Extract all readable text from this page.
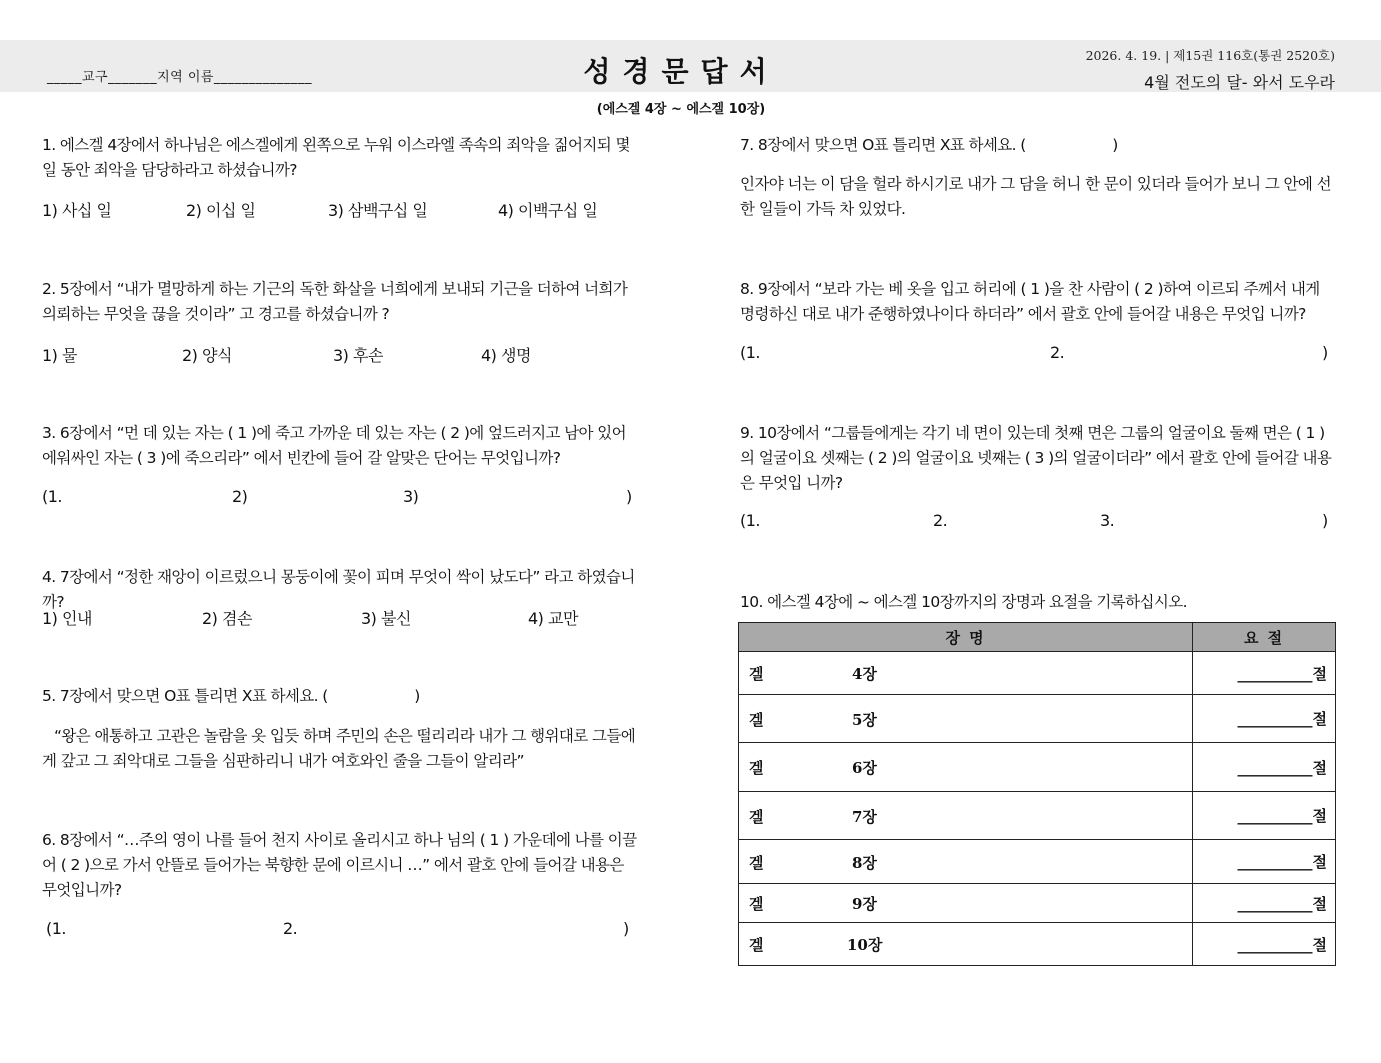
_____교구_______지역 이름______________	성경문답서	2026. 4. 19. | 제15권 116호(통권 2520호)
4월 전도의 달- 와서 도우라
(에스겔 4장 ~ 에스겔 10장)
1. 에스겔 4장에서 하나님은 에스겔에게 왼쪽으로 누워 이스라엘 족속의 죄악을 짊어지되 몇 일 동안 죄악을 담당하라고 하셨습니까?
1) 사십 일	2) 이십 일	3) 삼백구십 일	4) 이백구십 일
2. 5장에서 “내가 멸망하게 하는 기근의 독한 화살을 너희에게 보내되 기근을 더하여 너희가 의뢰하는 무엇을 끊을 것이라” 고 경고를 하셨습니까 ?
1) 물	2) 양식	3) 후손	4) 생명
3. 6장에서 “먼 데 있는 자는 ( 1 )에 죽고 가까운 데 있는 자는 ( 2 )에 엎드러지고 남아 있어 에워싸인 자는 ( 3 )에 죽으리라” 에서 빈칸에 들어 갈 알맞은 단어는 무엇입니까?
(1.	2)	3)	)
4. 7장에서 “정한 재앙이 이르렀으니 몽둥이에 꽃이 피며 무엇이 싹이 났도다” 라고 하였습니까?
1) 인내	2) 겸손	3) 불신	4) 교만
5. 7장에서 맞으면 O표 틀리면 X표 하세요. (                    )
“왕은 애통하고 고관은 놀람을 옷 입듯 하며 주민의 손은 떨리리라 내가 그 행위대로 그들에게 갚고 그 죄악대로 그들을 심판하리니 내가 여호와인 줄을 그들이 알리라”
6. 8장에서 “…주의 영이 나를 들어 천지 사이로 올리시고 하나 님의 ( 1 ) 가운데에 나를 이끌어 ( 2 )으로 가서 안뜰로 들어가는 북향한 문에 이르시니 …” 에서 괄호 안에 들어갈 내용은 무엇입니까?
(1.	2.	)
7. 8장에서 맞으면 O표 틀리면 X표 하세요. (                    )
인자야 너는 이 담을 헐라 하시기로 내가 그 담을 허니 한 문이 있더라 들어가 보니 그 안에 선한 일들이 가득 차 있었다.
8. 9장에서 “보라 가는 베 옷을 입고 허리에 ( 1 )을 찬 사람이 ( 2 )하여 이르되 주께서 내게 명령하신 대로 내가 준행하였나이다 하더라” 에서 괄호 안에 들어갈 내용은 무엇입 니까?
(1.	2.	)
9. 10장에서 “그룹들에게는 각기 네 면이 있는데 첫째 면은 그룹의 얼굴이요 둘째 면은 ( 1 )의 얼굴이요 셋째는 ( 2 )의 얼굴이요 넷째는 ( 3 )의 얼굴이더라” 에서 괄호 안에 들어갈 내용은 무엇입 니까?
(1.	2.	3.	)
10. 에스겔 4장에 ~ 에스겔 10장까지의 장명과 요절을 기록하십시오.
장 명	요 절

겔 4장	__________절

겔 5장	__________절

겔 6장	__________절

겔 7장	__________절

겔 8장	__________절

겔 9장	__________절

겔 10장	__________절
